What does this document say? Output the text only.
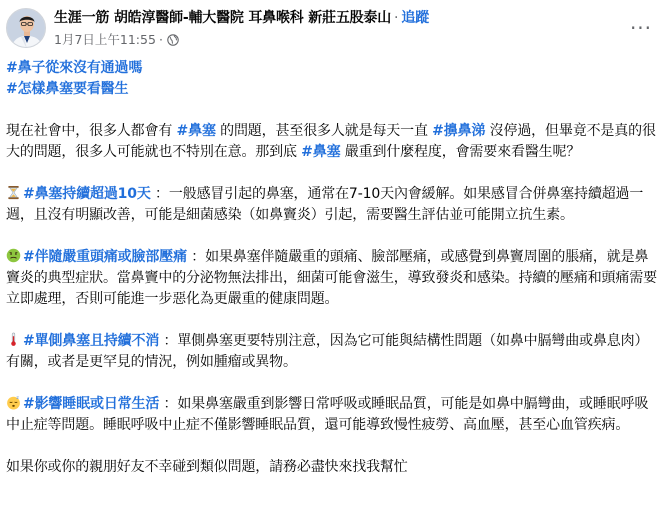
生涯一筋 胡皓淳醫師-輔大醫院 耳鼻喉科 新莊五股泰山 · 追蹤
1月7日上午11:55 ·	···

#鼻子從來沒有通過嗎

#怎樣鼻塞要看醫生

現在社會中，很多人都會有 #鼻塞 的問題，甚至很多人就是每天一直 #擤鼻涕 沒停過，但畢竟不是真的很大的問題，很多人可能就也不特別在意。那到底 #鼻塞 嚴重到什麼程度，會需要來看醫生呢？

#鼻塞持續超過10天 ：一般感冒引起的鼻塞，通常在7-10天內會緩解。如果感冒合併鼻塞持續超過一週，且沒有明顯改善，可能是細菌感染（如鼻竇炎）引起，需要醫生評估並可能開立抗生素。

#伴隨嚴重頭痛或臉部壓痛 ：如果鼻塞伴隨嚴重的頭痛、臉部壓痛，或感覺到鼻竇周圍的脹痛，就是鼻竇炎的典型症狀。當鼻竇中的分泌物無法排出，細菌可能會滋生，導致發炎和感染。持續的壓痛和頭痛需要立即處理，否則可能進一步惡化為更嚴重的健康問題。

#單側鼻塞且持續不消 ：單側鼻塞更要特別注意，因為它可能與結構性問題（如鼻中膈彎曲或鼻息肉）有關，或者是更罕見的情況，例如腫瘤或異物。

z #影響睡眠或日常生活 ：如果鼻塞嚴重到影響日常呼吸或睡眠品質，可能是如鼻中膈彎曲，或睡眠呼吸中止症等問題。睡眠呼吸中止症不僅影響睡眠品質，還可能導致慢性疲勞、高血壓，甚至心血管疾病。

如果你或你的親朋好友不幸碰到類似問題，請務必盡快來找我幫忙
